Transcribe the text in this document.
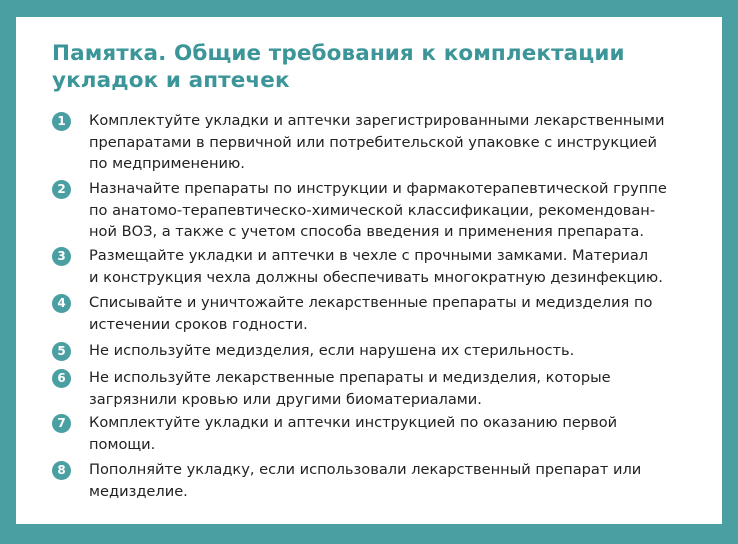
Памятка. Общие требования к комплектации
укладок и аптечек
1	Комплектуйте укладки и аптечки зарегистрированными лекарственными
препаратами в первичной или потребительской упаковке с инструкцией
по медприменению.

2	Назначайте препараты по инструкции и фармакотерапевтической группе
по анатомо-терапевтическо-химической классификации, рекомендован-
ной ВОЗ, а также с учетом способа введения и применения препарата.

3	Размещайте укладки и аптечки в чехле с прочными замками. Материал
и конструкция чехла должны обеспечивать многократную дезинфекцию.

4	Списывайте и уничтожайте лекарственные препараты и медизделия по
истечении сроков годности.

5	Не используйте медизделия, если нарушена их стерильность.

6	Не используйте лекарственные препараты и медизделия, которые
загрязнили кровью или другими биоматериалами.

7	Комплектуйте укладки и аптечки инструкцией по оказанию первой
помощи.

8	Пополняйте укладку, если использовали лекарственный препарат или
медизделие.
